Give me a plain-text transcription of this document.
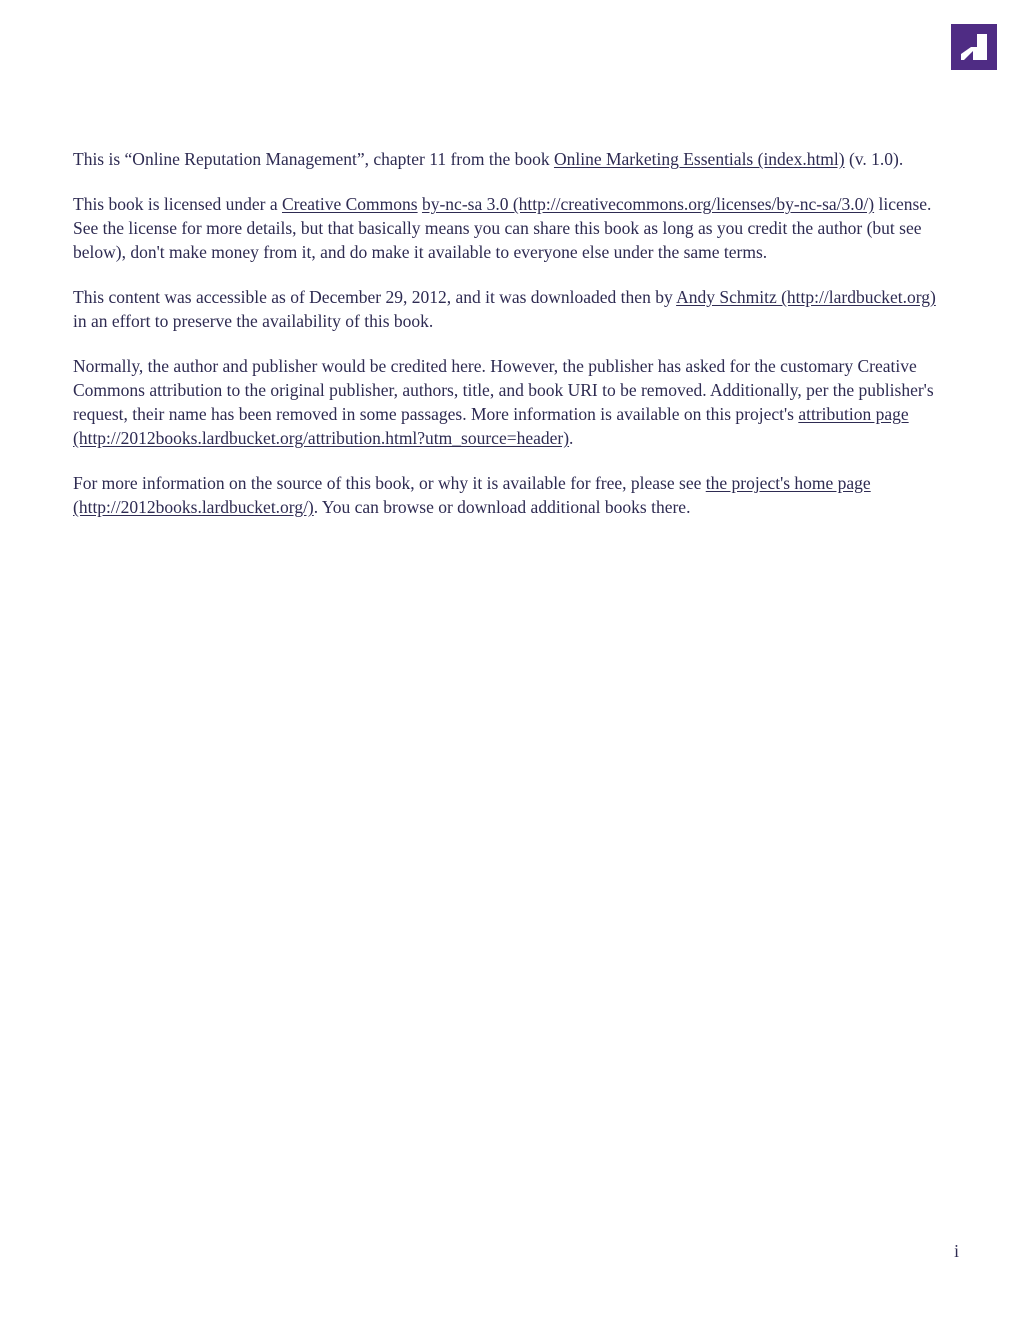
This is “Online Reputation Management”, chapter 11 from the book Online Marketing Essentials (index.html) (v. 1.0).

This book is licensed under a Creative Commons by-nc-sa 3.0 (http://creativecommons.org/licenses/by-nc-sa/3.0/) license. See the license for more details, but that basically means you can share this book as long as you credit the author (but see below), don't make money from it, and do make it available to everyone else under the same terms.

This content was accessible as of December 29, 2012, and it was downloaded then by Andy Schmitz (http://lardbucket.org) in an effort to preserve the availability of this book.

Normally, the author and publisher would be credited here. However, the publisher has asked for the customary Creative Commons attribution to the original publisher, authors, title, and book URI to be removed. Additionally, per the publisher's request, their name has been removed in some passages. More information is available on this project's attribution page (http://2012books.lardbucket.org/attribution.html?utm_source=header).

For more information on the source of this book, or why it is available for free, please see the project's home page (http://2012books.lardbucket.org/). You can browse or download additional books there.

i
